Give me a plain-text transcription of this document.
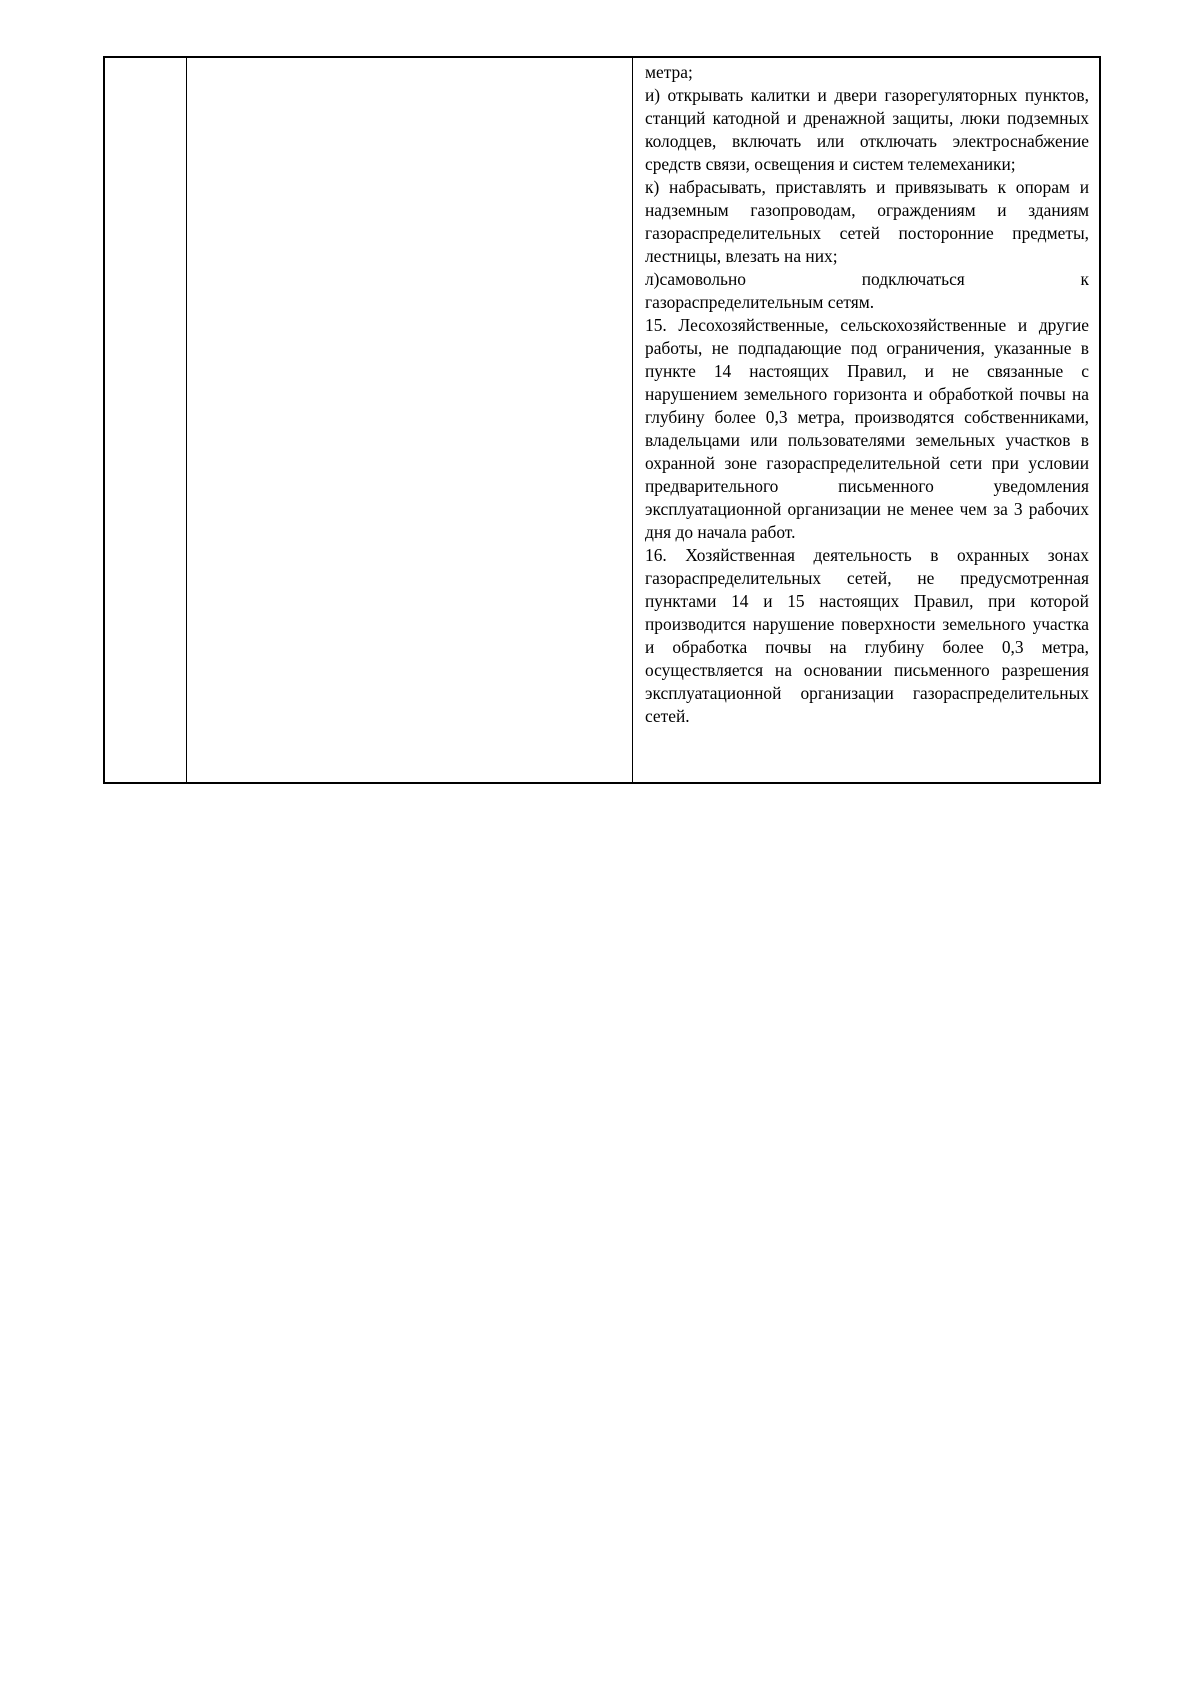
метра;

и) открывать калитки и двери газорегуляторных пунктов, станций катодной и дренажной защиты, люки подземных колодцев, включать или отключать электроснабжение средств связи, освещения и систем телемеханики;

к) набрасывать, приставлять и привязывать к опорам и надземным газопроводам, ограждениям и зданиям газораспределительных сетей посторонние предметы, лестницы, влезать на них;

л)самовольно подключаться к

газораспределительным сетям.

15. Лесохозяйственные, сельскохозяйственные и другие работы, не подпадающие под ограничения, указанные в пункте 14 настоящих Правил, и не связанные с нарушением земельного горизонта и обработкой почвы на глубину более 0,3 метра, производятся собственниками, владельцами или пользователями земельных участков в охранной зоне газораспределительной сети при условии предварительного письменного уведомления эксплуатационной организации не менее чем за 3 рабочих дня до начала работ.

16. Хозяйственная деятельность в охранных зонах газораспределительных сетей, не предусмотренная пунктами 14 и 15 настоящих Правил, при которой производится нарушение поверхности земельного участка и обработка почвы на глубину более 0,3 метра, осуществляется на основании письменного разрешения эксплуатационной организации газораспределительных сетей.
